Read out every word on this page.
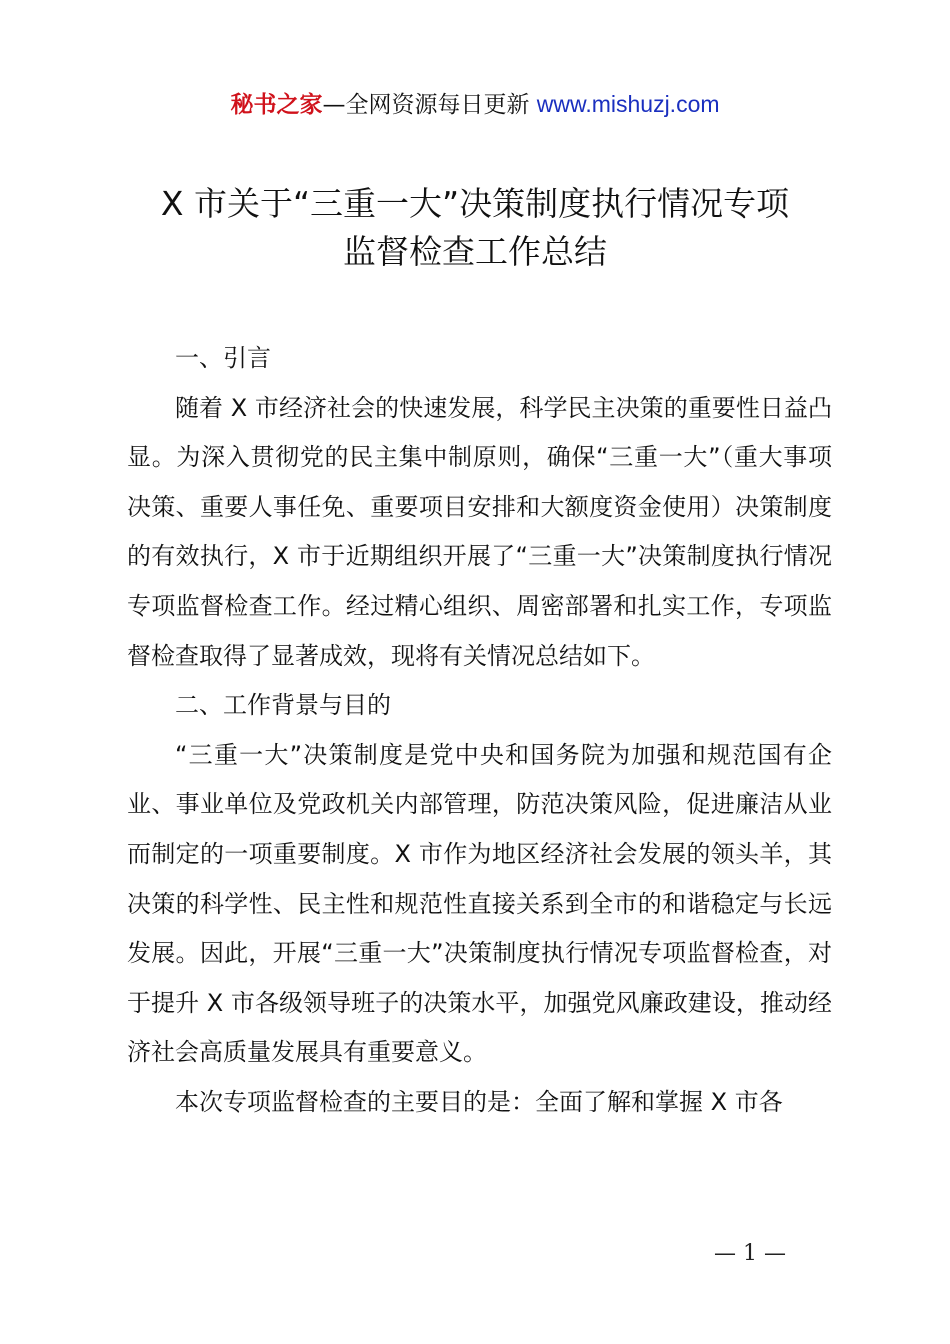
秘书之家—全网资源每日更新 www.mishuzj.com
X 市关于“三重一大”决策制度执行情况专项
监督检查工作总结

一、引言

随着 X 市经济社会的快速发展，科学民主决策的重要性日益凸显。为深入贯彻党的民主集中制原则，确保“三重一大”（重大事项决策、重要人事任免、重要项目安排和大额度资金使用）决策制度的有效执行，X 市于近期组织开展了“三重一大”决策制度执行情况专项监督检查工作。经过精心组织、周密部署和扎实工作，专项监督检查取得了显著成效，现将有关情况总结如下。

二、工作背景与目的

“三重一大”决策制度是党中央和国务院为加强和规范国有企业、事业单位及党政机关内部管理，防范决策风险，促进廉洁从业而制定的一项重要制度。X 市作为地区经济社会发展的领头羊，其决策的科学性、民主性和规范性直接关系到全市的和谐稳定与长远发展。因此，开展“三重一大”决策制度执行情况专项监督检查，对于提升 X 市各级领导班子的决策水平，加强党风廉政建设，推动经济社会高质量发展具有重要意义。

本次专项监督检查的主要目的是：全面了解和掌握 X 市各

— 1 —
